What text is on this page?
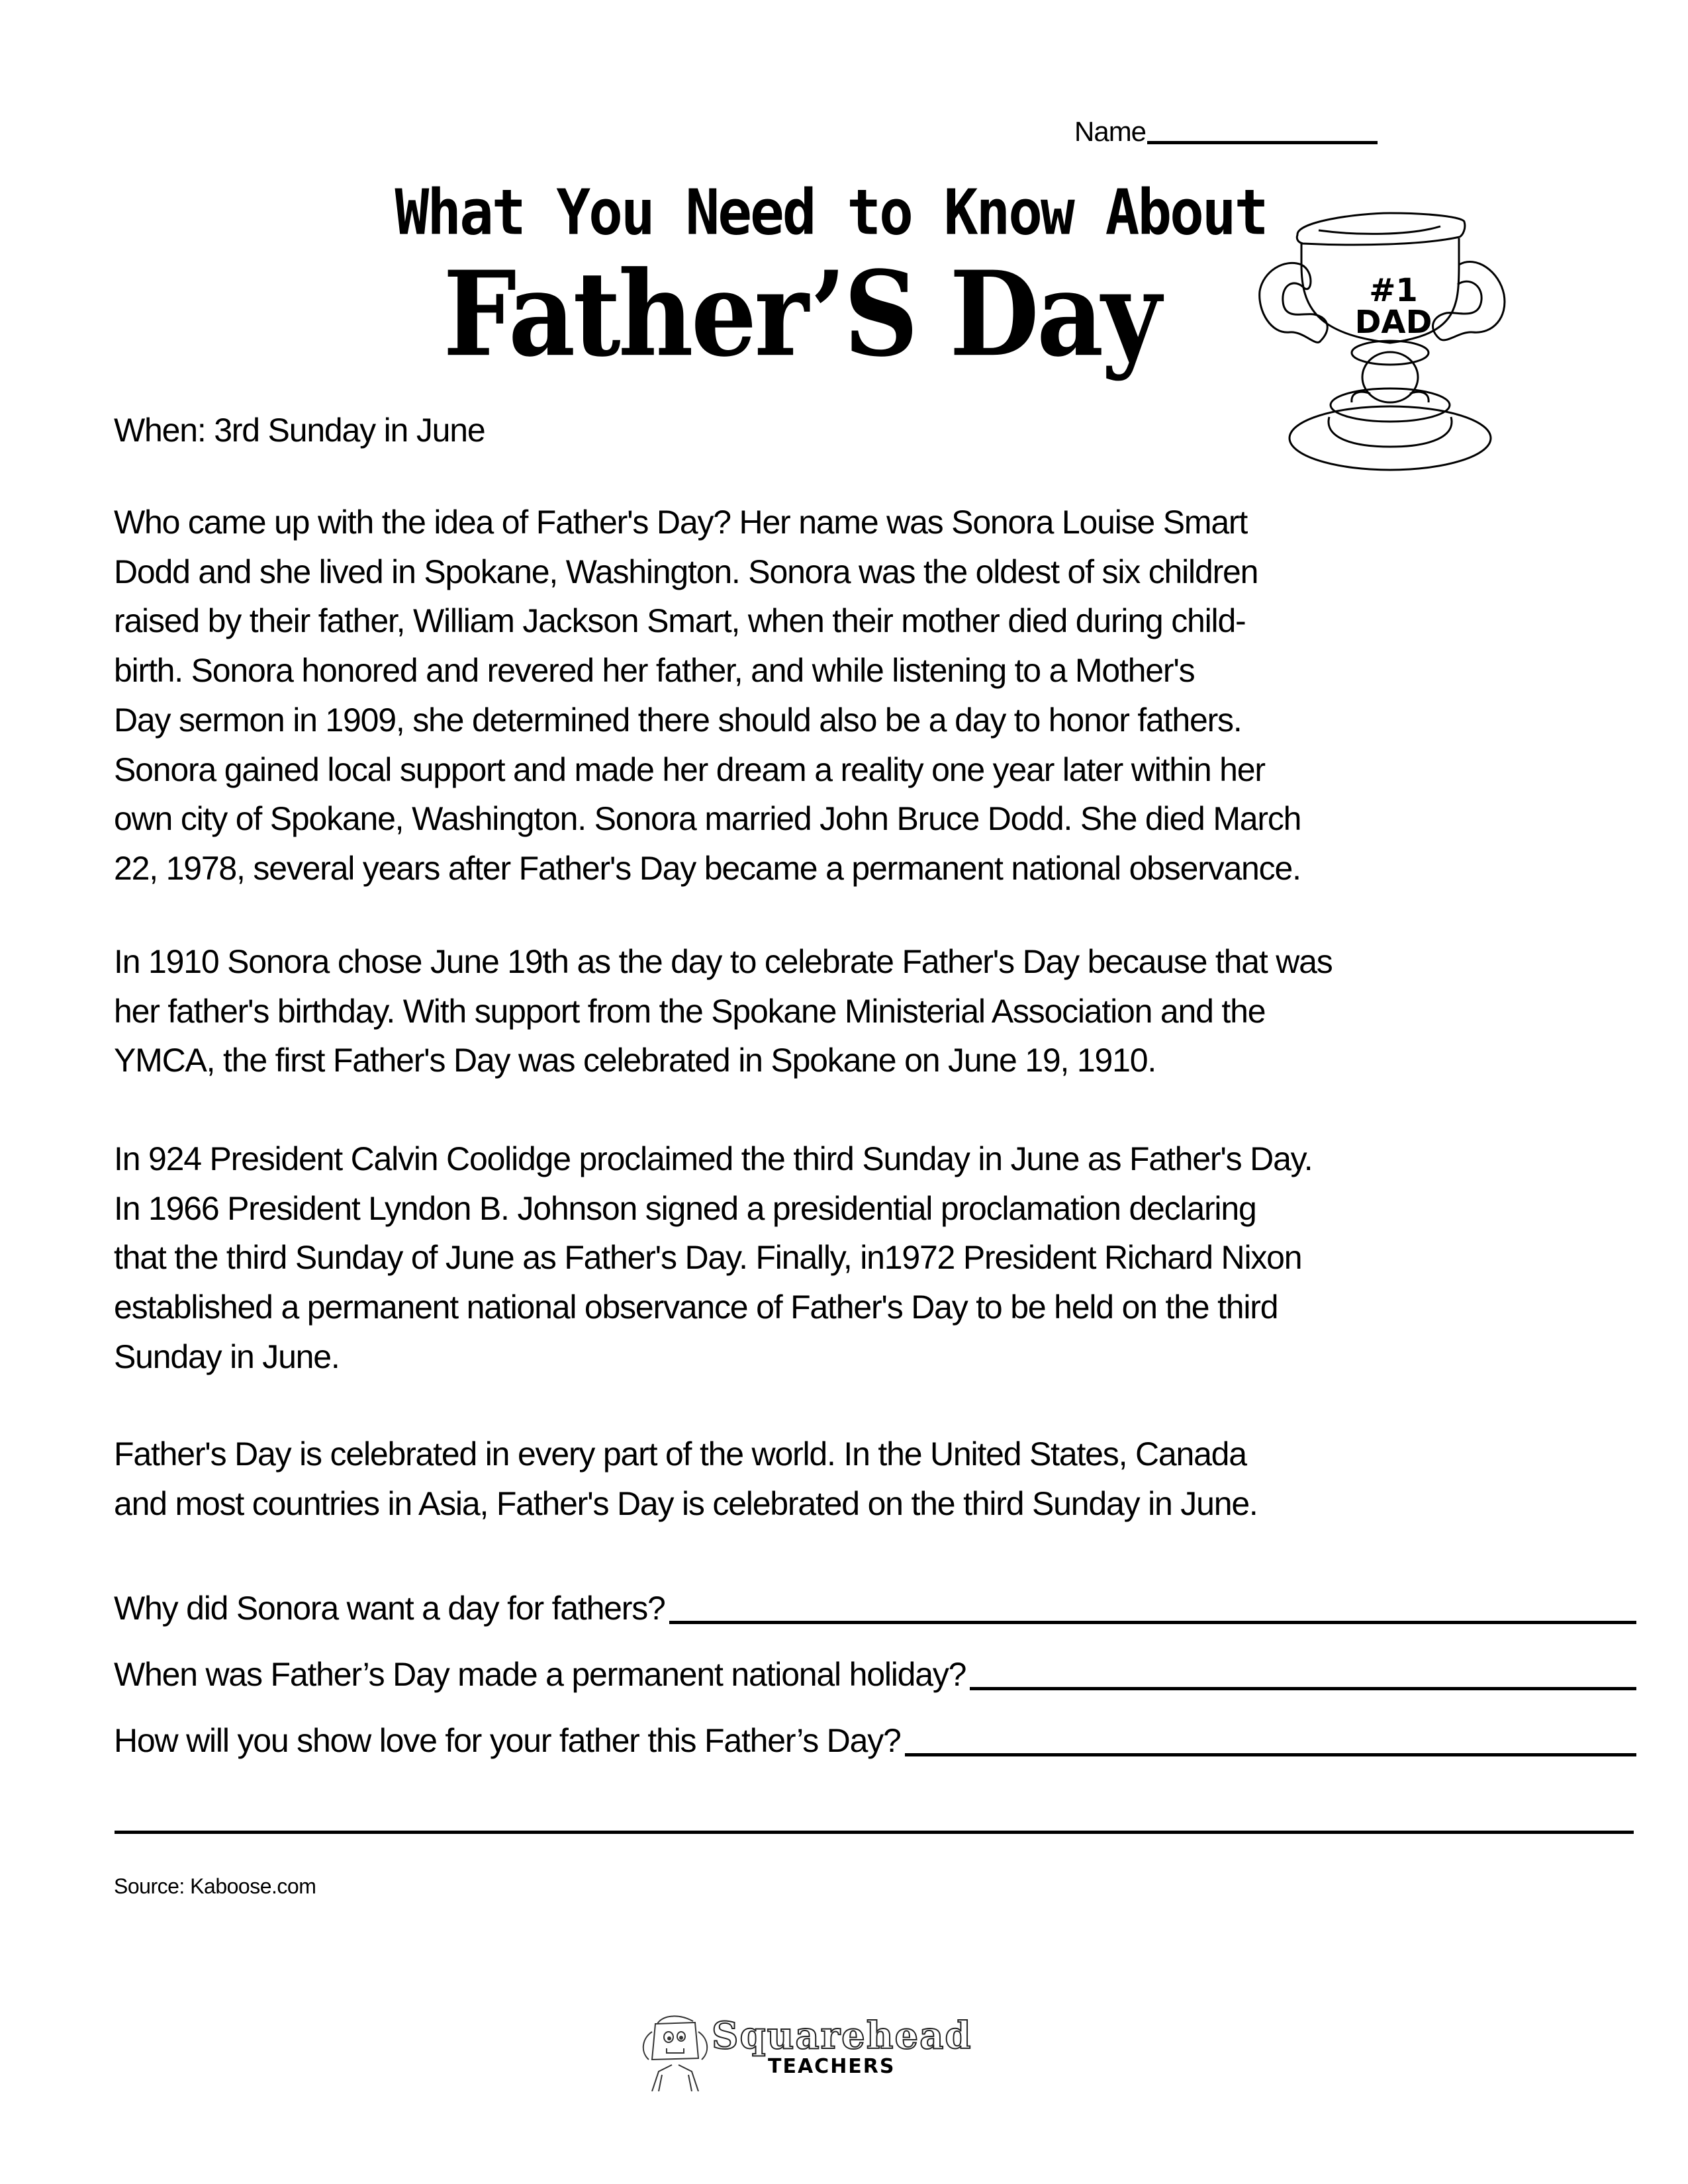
Name
What You Need to Know About
Father’S Day	#1
DAD
When: 3rd Sunday in June
Who came up with the idea of Father's Day? Her name was Sonora Louise Smart
Dodd and she lived in Spokane, Washington. Sonora was the oldest of six children
raised by their father, William Jackson Smart, when their mother died during child-
birth. Sonora honored and revered her father, and while listening to a Mother's
Day sermon in 1909, she determined there should also be a day to honor fathers.
Sonora gained local support and made her dream a reality one year later within her
own city of Spokane, Washington. Sonora married John Bruce Dodd. She died March
22, 1978, several years after Father's Day became a permanent national observance.
In 1910 Sonora chose June 19th as the day to celebrate Father's Day because that was
her father's birthday. With support from the Spokane Ministerial Association and the
YMCA, the first Father's Day was celebrated in Spokane on June 19, 1910.
In 924 President Calvin Coolidge proclaimed the third Sunday in June as Father's Day.
In 1966 President Lyndon B. Johnson signed a presidential proclamation declaring
that the third Sunday of June as Father's Day. Finally, in1972 President Richard Nixon
established a permanent national observance of Father's Day to be held on the third
Sunday in June.
Father's Day is celebrated in every part of the world. In the United States, Canada
and most countries in Asia, Father's Day is celebrated on the third Sunday in June.
Why did Sonora want a day for fathers?
When was Father’s Day made a permanent national holiday?
How will you show love for your father this Father’s Day?
Source: Kaboose.com
Squarehead
TEACHERS
